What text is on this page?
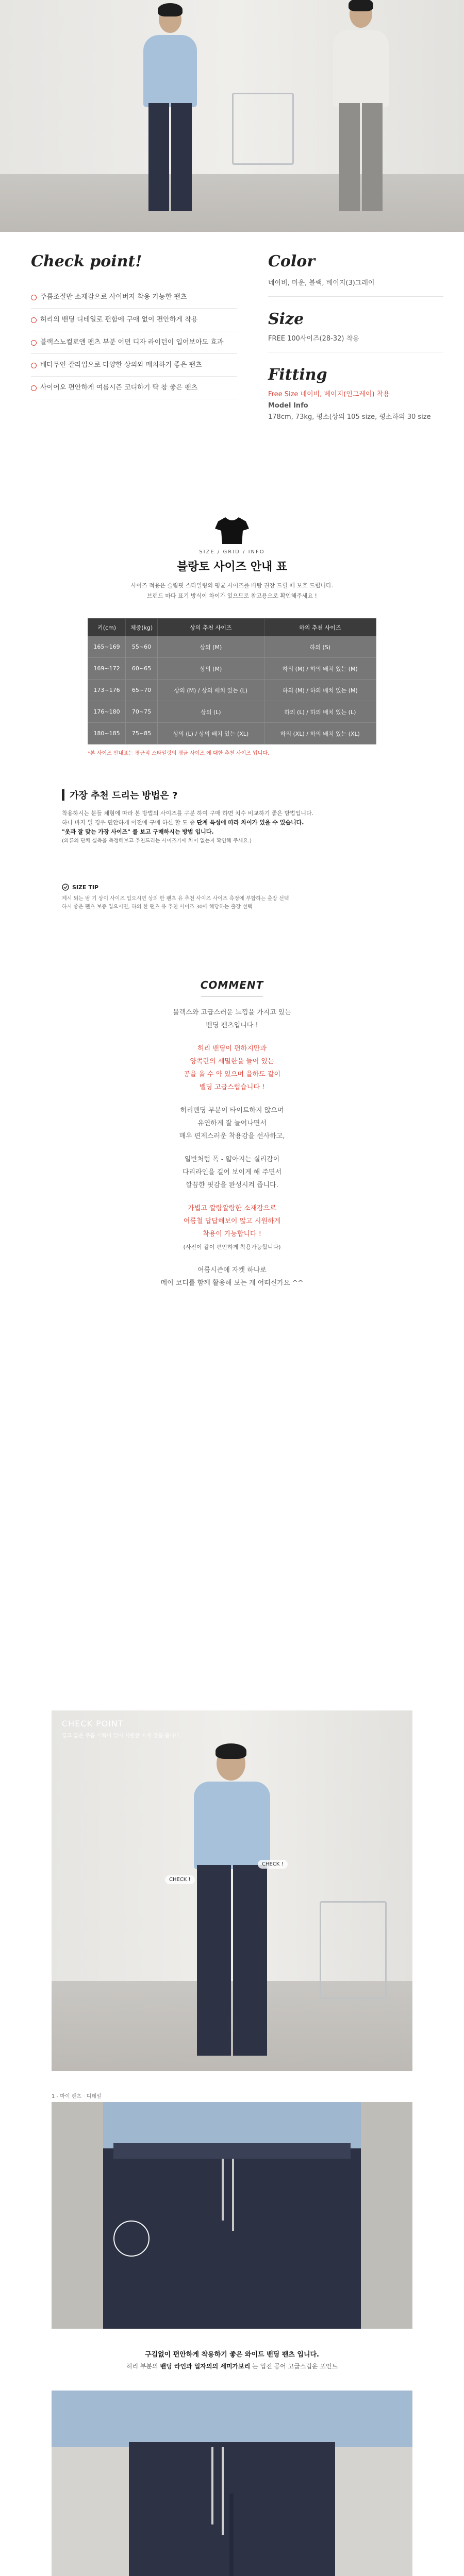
Check point!
주름조절만 소재감으로 사이버지 착용 가능한 팬츠
허리의 밴딩 디테일로 편함에 구애 없이 편안하게 착용
블랙스노컬로앤 팬츠 부분 어떤 디자 라이턴이 입어보아도 효과
배다무인 잘라입으로 다양한 상의와 매치하기 좋은 팬츠
사이어오 편안하게 여름시즌 코디하기 딱 참 좋은 팬츠
Color
네이비, 마운, 블랙, 베이지(3)그레이
Size
FREE 100사이즈(28-32) 착용
Fitting
Free Size 네이비, 베이지(인그레이) 착용
Model Info
178cm, 73kg, 평소(상의 105 size, 평소하의 30 size
SIZE / GRID / INFO
블랑토 사이즈 안내 표
사이즈 적용은 슬림핏 스타일링의 평균 사이즈를 바탕 권장 드릴 때 보호 드립니다.
브랜드 마다 표기 방식이 차이가 있으므로 참고용으로 확인해주세요 !
키(cm)	체중(kg)	상의 추천 사이즈	하의 추천 사이즈
165~169	55~60	상의 (M)	하의 (S)
169~172	60~65	상의 (M)	하의 (M) / 하의 배치 있는 (M)
173~176	65~70	상의 (M) / 상의 배치 있는 (L)	하의 (M) / 하의 배치 있는 (M)
176~180	70~75	상의 (L)	하의 (L) / 하의 배치 있는 (L)
180~185	75~85	상의 (L) / 상의 배치 있는 (XL)	하의 (XL) / 하의 배치 있는 (XL)
*본 사이즈 안내표는 평균적 스타일링의 평균 사이즈 에 대한 추천 사이즈 입니다.
가장 추천 드리는 방법은 ?
착용하시는 분들 체형에 따라 본 방법의 사이즈를 구분 하여 구매 하면 치수 비교하기 좋은 방법입니다.
하나 바지 일 경우 편안하게 이전에 구매 하신 할 도 중 단계 특성에 따라 차이가 있을 수 있습니다.
"옷과 잘 맞는 가장 사이즈" 를 보고 구매하시는 방법 입니다.
(의류의 단체 실측을 측정해보고 추천드리는 사이즈가에 차이 없는지 확인해 주세요.)
SIZE TIP
제시 되는 범 기 상이 사이즈 입으시면 상의 한 팬츠 유 추천 사이즈 사이즈 측정에 부합하는 출장 선택
하시 좋은 팬츠 보증 입으시면, 하의 한 팬츠 유 추천 사이즈 30에 해당하는 출장 선택
COMMENT
블랙스와 고급스러운 느낌을 가지고 있는
밴딩 팬츠입니다 !
허리 밴딩이 편하지만과
양쪽란의 세밀한을 들어 있는
공을 올 수 약 있으며 을하도 같이
밸딩 고급스럽습니다 !
허리밴딩 부분이 타이트하지 않으며
유연하게 잘 늘어나면서
매우 편제스러운 착용감을 선사하고,
일반처럼 폭 - 얇아지는 실리감이
다리라인을 길어 보이게 해 주면서
깔끔한 핏감을 완성시켜 줍니다.
가볍고 깔랑깔랑한 소재감으로
여름철 답답해보이 않고 시원하게
착용이 가능합니다 !
(사진이 같이 편안하게 착용가능합니다)
여름시즌에 자켓 하나로
메이 코디를 함께 활용해 보는 게 어떠신가요 ^^
CHECK POINT
길고 얇은 주름 스틱이 있어 시원한 소재 감을 줍니다.
CHECK !
CHECK !
1 - 마이 팬츠 · 디테일
구김없이 편안하게 착용하기 좋은 와이드 밴딩 팬츠 입니다.
허리 부분의 밴딩 라인과 일자의의 세미가보리 는 입진 공어 고급스럽운 포인트
